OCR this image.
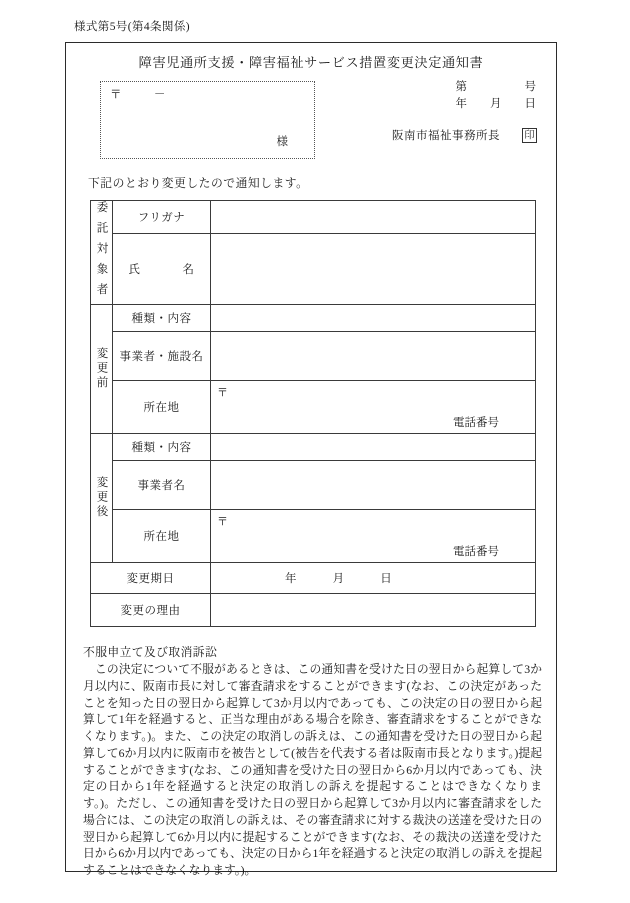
様式第5号(第4条関係)
障害児通所支援・障害福祉サービス措置変更決定通知書
〒	－
様
第　　　　　号
年　　月　　日
阪南市福祉事務所長 印
下記のとおり変更したので通知します。
委託対象者	フリガナ	
	氏 名	
変更前	種類・内容	
	事業者・施設名	
	所在地	〒
電話番号

変更後	種類・内容	
	事業者名	
	所在地	〒
電話番号

変更期日		年　　　月　　　日
変更の理由		
不服申立て及び取消訴訟
この決定について不服があるときは、この通知書を受けた日の翌日から起算して3か月以内に、阪南市長に対して審査請求をすることができます(なお、この決定があったことを知った日の翌日から起算して3か月以内であっても、この決定の日の翌日から起算して1年を経過すると、正当な理由がある場合を除き、審査請求をすることができなくなります。)。また、この決定の取消しの訴えは、この通知書を受けた日の翌日から起算して6か月以内に阪南市を被告として(被告を代表する者は阪南市長となります。)提起することができます(なお、この通知書を受けた日の翌日から6か月以内であっても、決定の日から1年を経過すると決定の取消しの訴えを提起することはできなくなります。)。ただし、この通知書を受けた日の翌日から起算して3か月以内に審査請求をした場合には、この決定の取消しの訴えは、その審査請求に対する裁決の送達を受けた日の翌日から起算して6か月以内に提起することができます(なお、その裁決の送達を受けた日から6か月以内であっても、決定の日から1年を経過すると決定の取消しの訴えを提起することはできなくなります。)。
